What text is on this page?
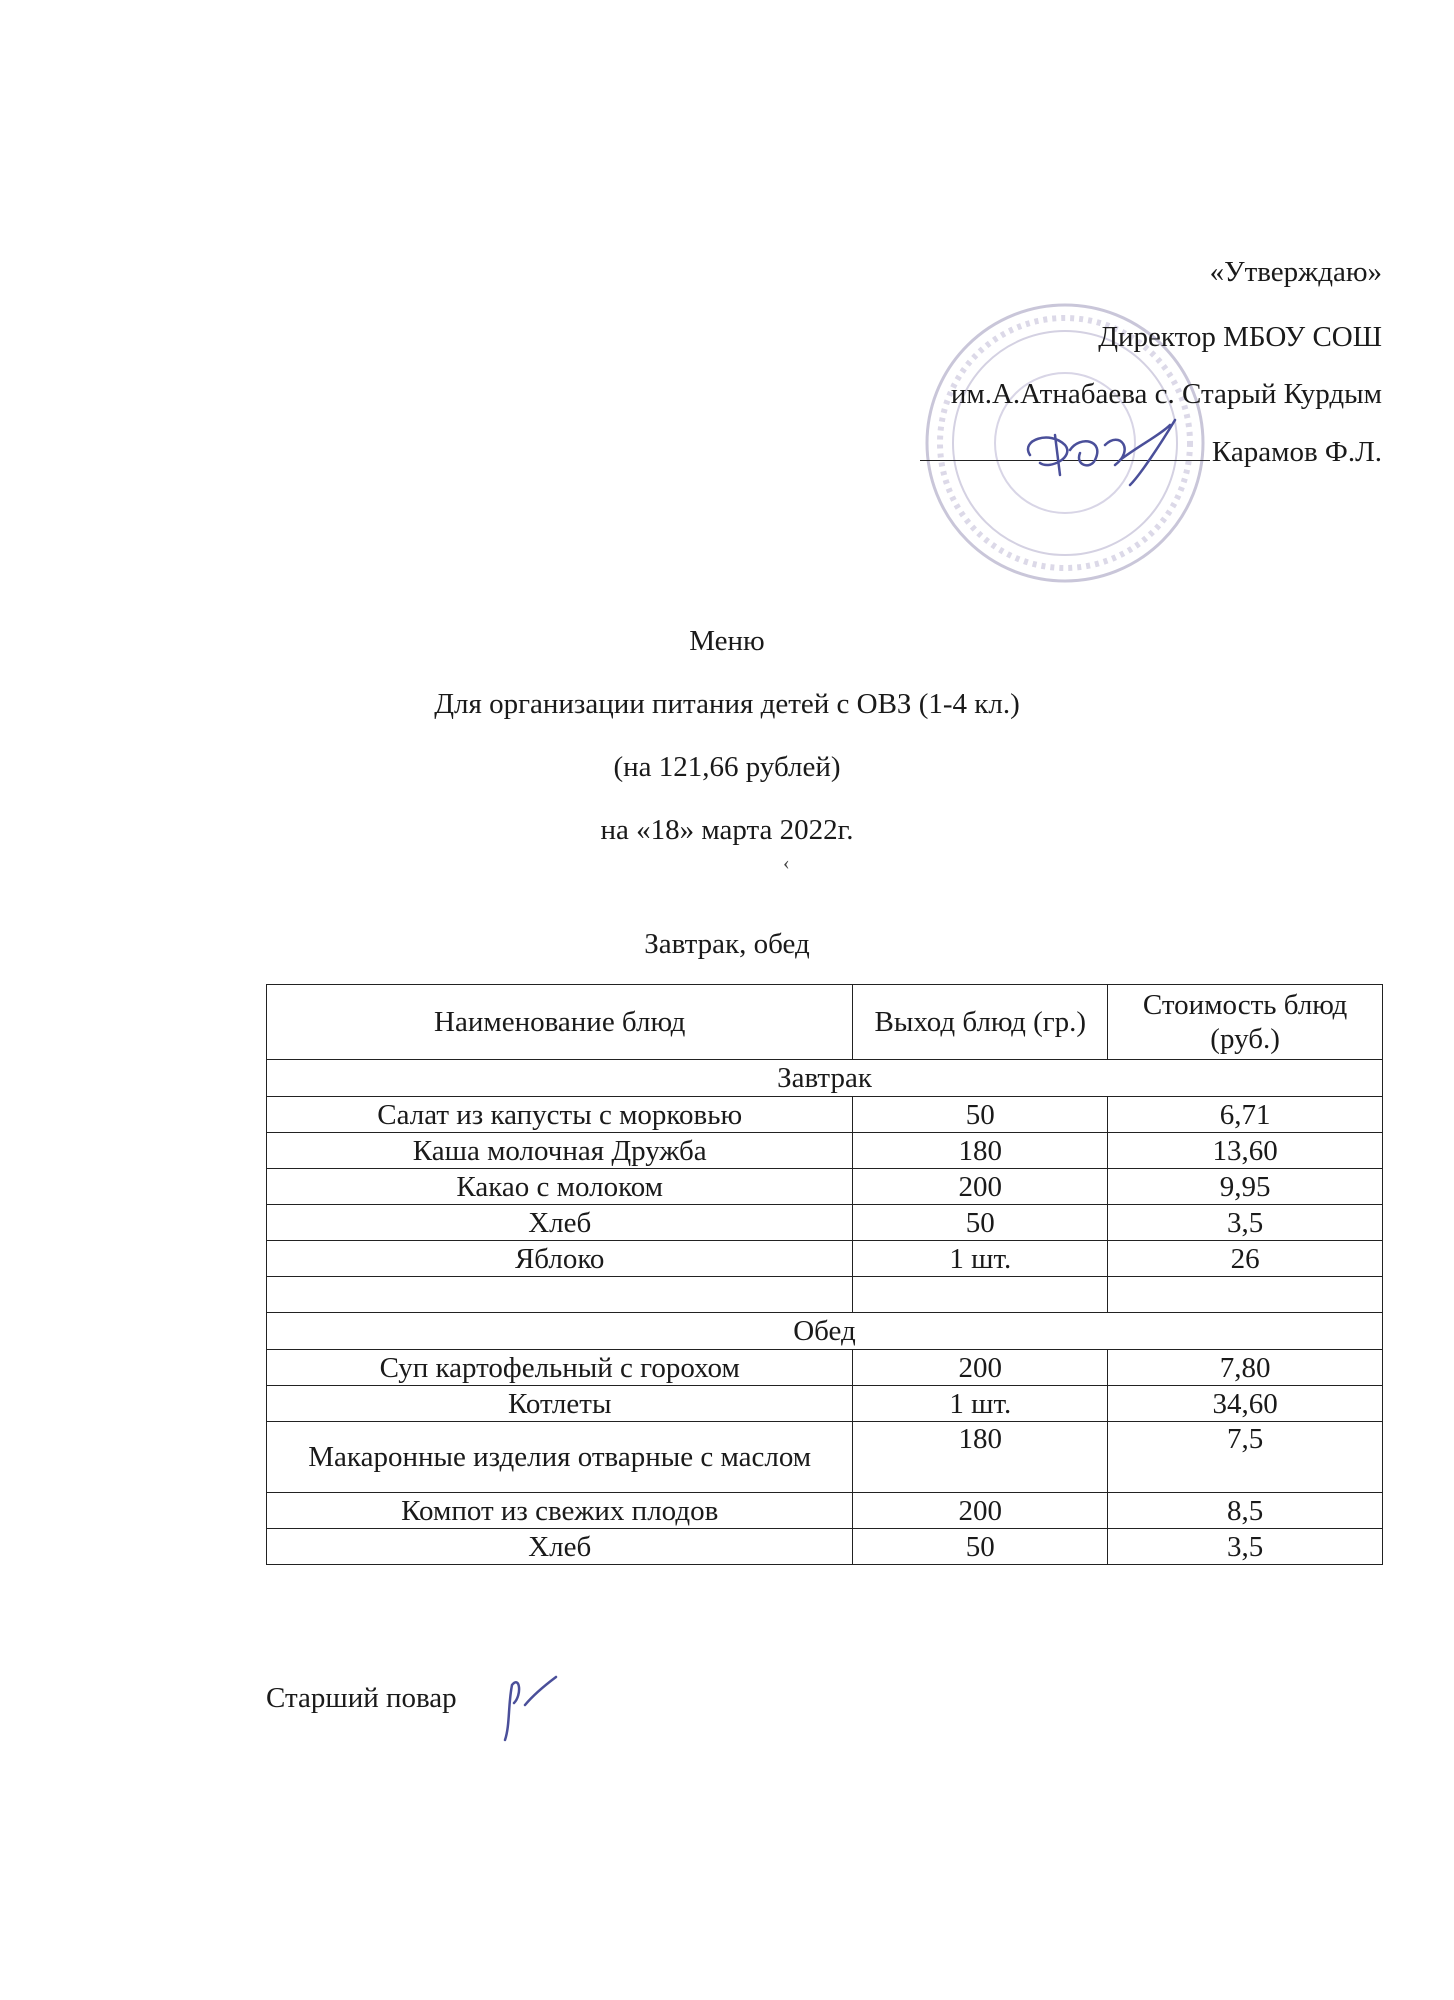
«Утверждаю»
Директор МБОУ СОШ
им.А.Атнабаева с. Старый Курдым
Карамов Ф.Л.
Меню
Для организации питания детей с ОВЗ (1-4 кл.)
(на 121,66 рублей)
на «18» марта 2022г.
Завтрак, обед
‹
Наименование блюд	Выход блюд (гр.)	Стоимость блюд (руб.)
Завтрак		
Салат из капусты с морковью	50	6,71
Каша молочная Дружба	180	13,60
Какао с молоком	200	9,95
Хлеб	50	3,5
Яблоко	1 шт.	26

Обед		
Суп картофельный с горохом	200	7,80
Котлеты	1 шт.	34,60
Макаронные изделия отварные с маслом	180	7,5
Компот из свежих плодов	200	8,5
Хлеб	50	3,5
Старший повар
